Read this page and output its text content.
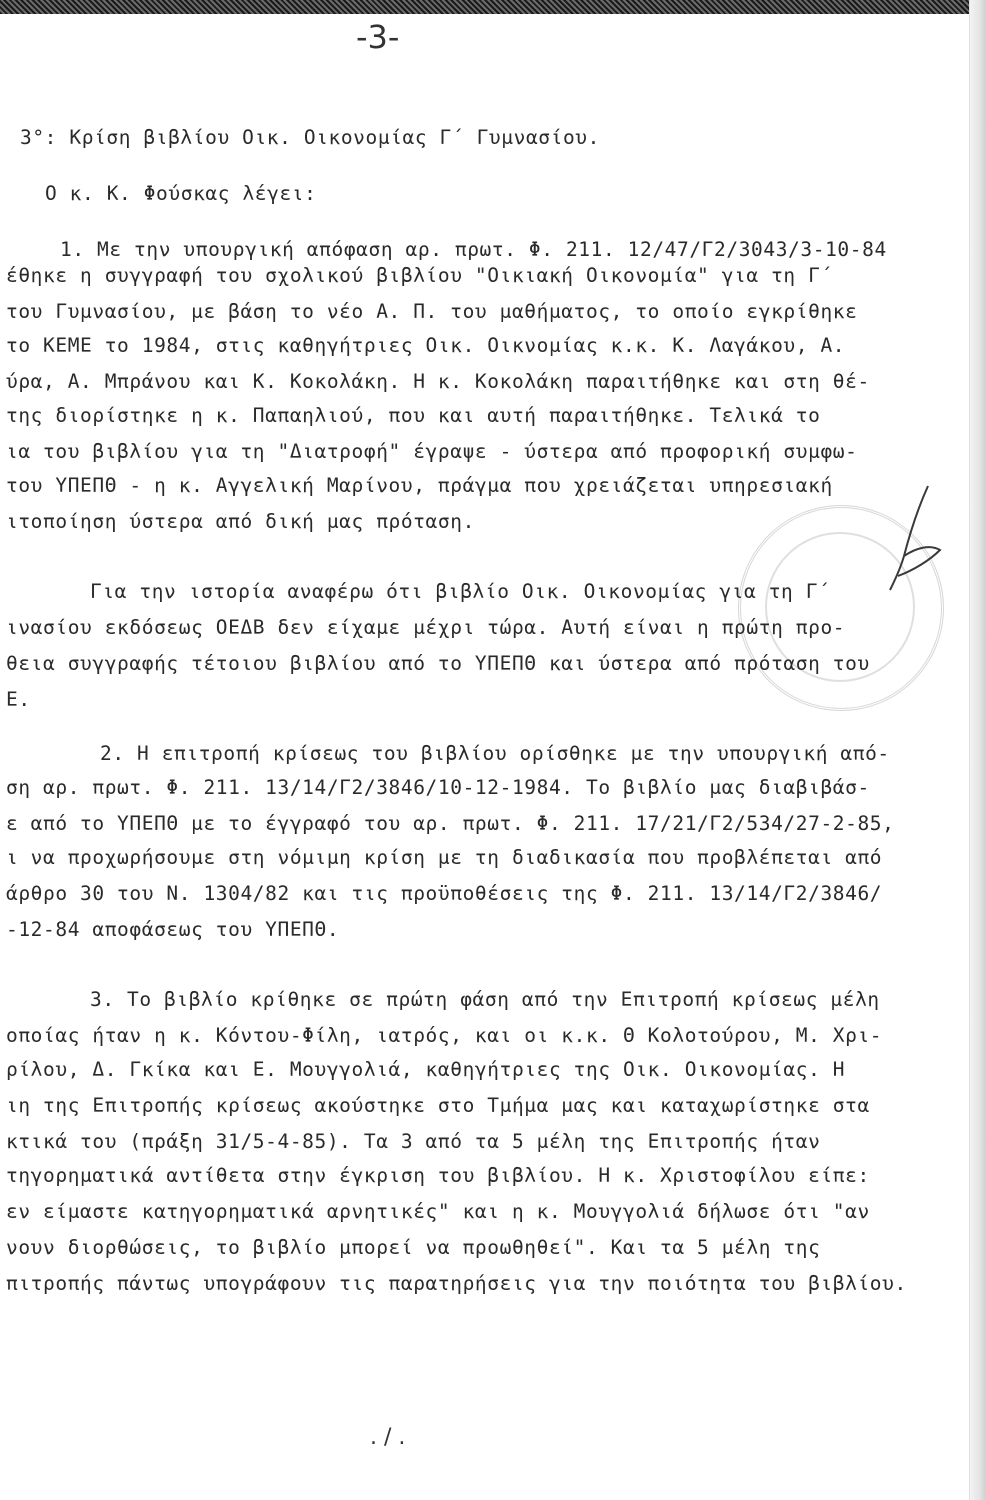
-3-
3°: Κρίση βιβλίου Οικ. Οικονομίας Γ΄ Γυμνασίου.
Ο κ. Κ. Φούσκας λέγει:
1. Με την υπουργική απόφαση αρ. πρωτ. Φ. 211. 12/47/Γ2/3043/3-10-84
έθηκε η συγγραφή του σχολικού βιβλίου "Οικιακή Οικονομία" για τη Γ΄
του Γυμνασίου, με βάση το νέο Α. Π. του μαθήματος, το οποίο εγκρίθηκε
το ΚΕΜΕ το 1984, στις καθηγήτριες Οικ. Οικνομίας κ.κ. Κ. Λαγάκου, Α.
ύρα, Α. Μπράνου και Κ. Κοκολάκη. Η κ. Κοκολάκη παραιτήθηκε και στη θέ-
της διορίστηκε η κ. Παπαηλιού, που και αυτή παραιτήθηκε. Τελικά το
ια του βιβλίου για τη "Διατροφή" έγραψε - ύστερα από προφορική συμφω-
του ΥΠΕΠΘ - η κ. Αγγελική Μαρίνου, πράγμα που χρειάζεται υπηρεσιακή
ιτοποίηση ύστερα από δική μας πρόταση.
Για την ιστορία αναφέρω ότι βιβλίο Οικ. Οικονομίας για τη Γ΄
ινασίου εκδόσεως ΟΕΔΒ δεν είχαμε μέχρι τώρα. Αυτή είναι η πρώτη προ-
θεια συγγραφής τέτοιου βιβλίου από το ΥΠΕΠΘ και ύστερα από πρόταση του
Ε.
2. Η επιτροπή κρίσεως του βιβλίου ορίσθηκε με την υπουργική από-
ση αρ. πρωτ. Φ. 211. 13/14/Γ2/3846/10-12-1984. Το βιβλίο μας διαβιβάσ-
ε από το ΥΠΕΠΘ με το έγγραφό του αρ. πρωτ. Φ. 211. 17/21/Γ2/534/27-2-85,
ι να προχωρήσουμε στη νόμιμη κρίση με τη διαδικασία που προβλέπεται από
άρθρο 30 του Ν. 1304/82 και τις προϋποθέσεις της Φ. 211. 13/14/Γ2/3846/
-12-84 αποφάσεως του ΥΠΕΠΘ.
3. Το βιβλίο κρίθηκε σε πρώτη φάση από την Επιτροπή κρίσεως μέλη
οποίας ήταν η κ. Κόντου-Φίλη, ιατρός, και οι κ.κ. Θ Κολοτούρου, Μ. Χρι-
ρίλου, Δ. Γκίκα και Ε. Μουγγολιά, καθηγήτριες της Οικ. Οικονομίας. Η
ιη της Επιτροπής κρίσεως ακούστηκε στο Τμήμα μας και καταχωρίστηκε στα
κτικά του (πράξη 31/5-4-85). Τα 3 από τα 5 μέλη της Επιτροπής ήταν
τηγορηματικά αντίθετα στην έγκριση του βιβλίου. Η κ. Χριστοφίλου είπε:
εν είμαστε κατηγορηματικά αρνητικές" και η κ. Μουγγολιά δήλωσε ότι "αν
νουν διορθώσεις, το βιβλίο μπορεί να προωθηθεί". Και τα 5 μέλη της
πιτροπής πάντως υπογράφουν τις παρατηρήσεις για την ποιότητα του βιβλίου.
. / .
